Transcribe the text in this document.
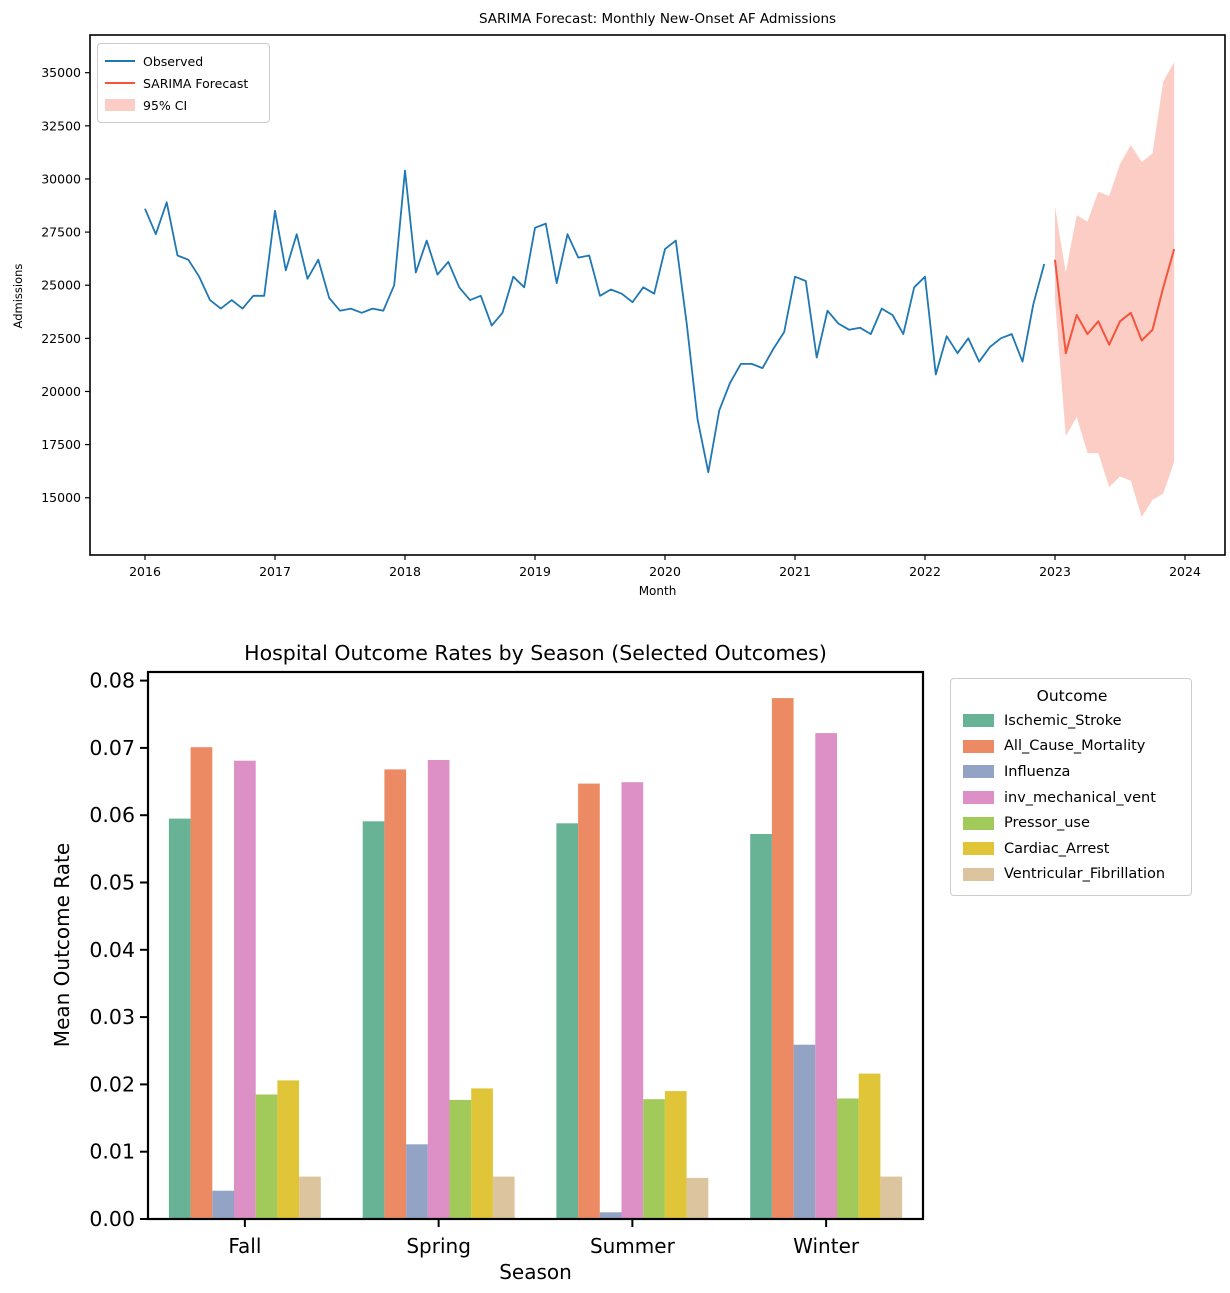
15000
17500
20000
22500
25000
27500
30000
32500
35000
2016	2017	2018	2019	2020	2021	2022	2023	2024
SARIMA Forecast: Monthly New-Onset AF Admissions
Month
Admissions
Observed
SARIMA Forecast
95% CI
0.00
0.01
0.02
0.03
0.04
0.05
0.06
0.07
0.08
Fall	Spring	Summer	Winter
Hospital Outcome Rates by Season (Selected Outcomes)
Season
Mean Outcome Rate
Outcome
Ischemic_Stroke
All_Cause_Mortality
Influenza
inv_mechanical_vent
Pressor_use
Cardiac_Arrest
Ventricular_Fibrillation
